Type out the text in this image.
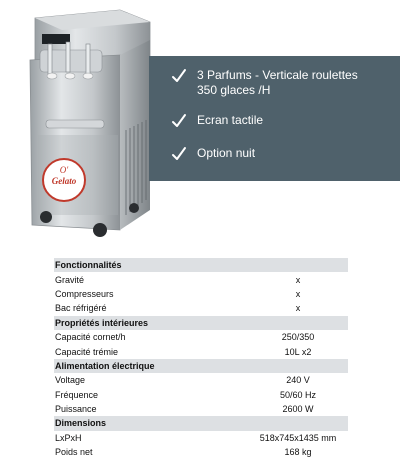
O'
Gelato
3 Parfums - Verticale roulettes
350 glaces /H
Ecran tactile
Option nuit
Fonctionnalités	
Gravité	x
Compresseurs	x
Bac réfrigéré	x
Propriétés intérieures	
Capacité cornet/h	250/350
Capacité trémie	10L x2
Alimentation électrique	
Voltage	240 V
Fréquence	50/60 Hz
Puissance	2600 W
Dimensions	
LxPxH	518x745x1435 mm
Poids net	168 kg
